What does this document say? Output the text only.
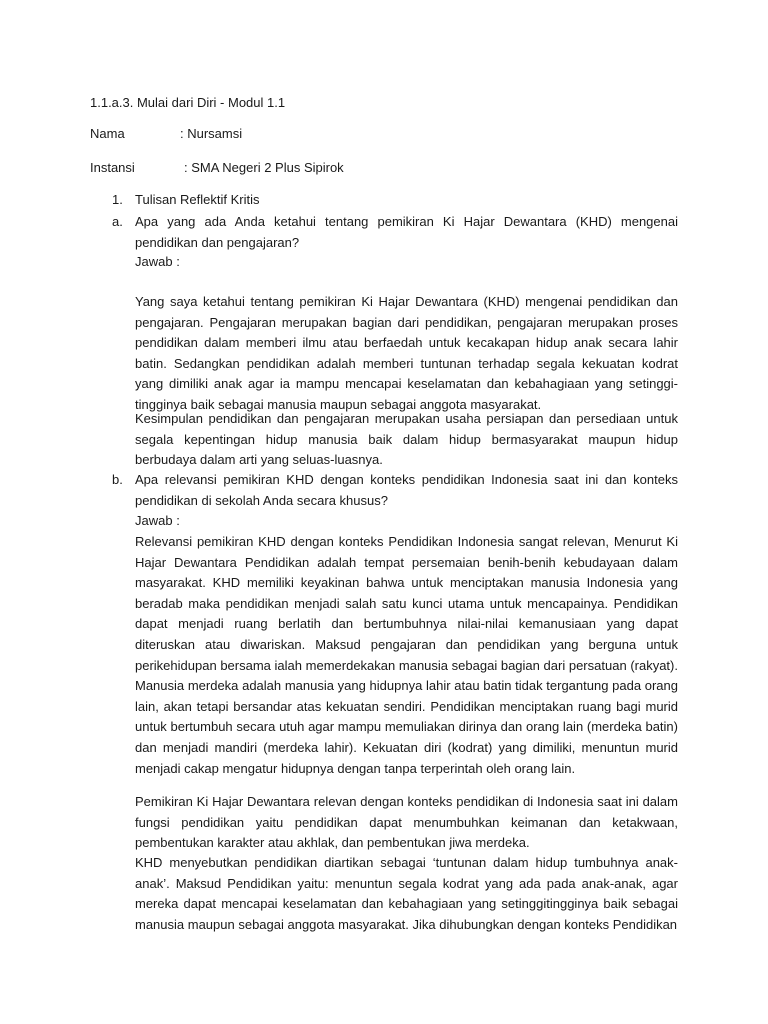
1.1.a.3. Mulai dari Diri - Modul 1.1
Nama	: Nursamsi
Instansi	: SMA Negeri 2 Plus Sipirok
1. Tulisan Reflektif Kritis
a. Apa yang ada Anda ketahui tentang pemikiran Ki Hajar Dewantara (KHD) mengenai pendidikan dan pengajaran?
Jawab :
Yang saya ketahui tentang pemikiran Ki Hajar Dewantara (KHD) mengenai pendidikan dan pengajaran. Pengajaran merupakan bagian dari pendidikan, pengajaran merupakan proses pendidikan dalam memberi ilmu atau berfaedah untuk kecakapan hidup anak secara lahir batin. Sedangkan pendidikan adalah memberi tuntunan terhadap segala kekuatan kodrat yang dimiliki anak agar ia mampu mencapai keselamatan dan kebahagiaan yang setinggi-tingginya baik sebagai manusia maupun sebagai anggota masyarakat.
Kesimpulan pendidikan dan pengajaran merupakan usaha persiapan dan persediaan untuk segala kepentingan hidup manusia baik dalam hidup bermasyarakat maupun hidup berbudaya dalam arti yang seluas-luasnya.
b. Apa relevansi pemikiran KHD dengan konteks pendidikan Indonesia saat ini dan konteks pendidikan di sekolah Anda secara khusus?
Jawab :
Relevansi pemikiran KHD dengan konteks Pendidikan Indonesia sangat relevan, Menurut Ki Hajar Dewantara Pendidikan adalah tempat persemaian benih-benih kebudayaan dalam masyarakat. KHD memiliki keyakinan bahwa untuk menciptakan manusia Indonesia yang beradab maka pendidikan menjadi salah satu kunci utama untuk mencapainya. Pendidikan dapat menjadi ruang berlatih dan bertumbuhnya nilai-nilai kemanusiaan yang dapat diteruskan atau diwariskan. Maksud pengajaran dan pendidikan yang berguna untuk perikehidupan bersama ialah memerdekakan manusia sebagai bagian dari persatuan (rakyat). Manusia merdeka adalah manusia yang hidupnya lahir atau batin tidak tergantung pada orang lain, akan tetapi bersandar atas kekuatan sendiri. Pendidikan menciptakan ruang bagi murid untuk bertumbuh secara utuh agar mampu memuliakan dirinya dan orang lain (merdeka batin) dan menjadi mandiri (merdeka lahir). Kekuatan diri (kodrat) yang dimiliki, menuntun murid menjadi cakap mengatur hidupnya dengan tanpa terperintah oleh orang lain.
Pemikiran Ki Hajar Dewantara relevan dengan konteks pendidikan di Indonesia saat ini dalam fungsi pendidikan yaitu pendidikan dapat menumbuhkan keimanan dan ketakwaan, pembentukan karakter atau akhlak, dan pembentukan jiwa merdeka.
KHD menyebutkan pendidikan diartikan sebagai ‘tuntunan dalam hidup tumbuhnya anak-anak’. Maksud Pendidikan yaitu: menuntun segala kodrat yang ada pada anak-anak, agar mereka dapat mencapai keselamatan dan kebahagiaan yang setinggitingginya baik sebagai manusia maupun sebagai anggota masyarakat. Jika dihubungkan dengan konteks Pendidikan
